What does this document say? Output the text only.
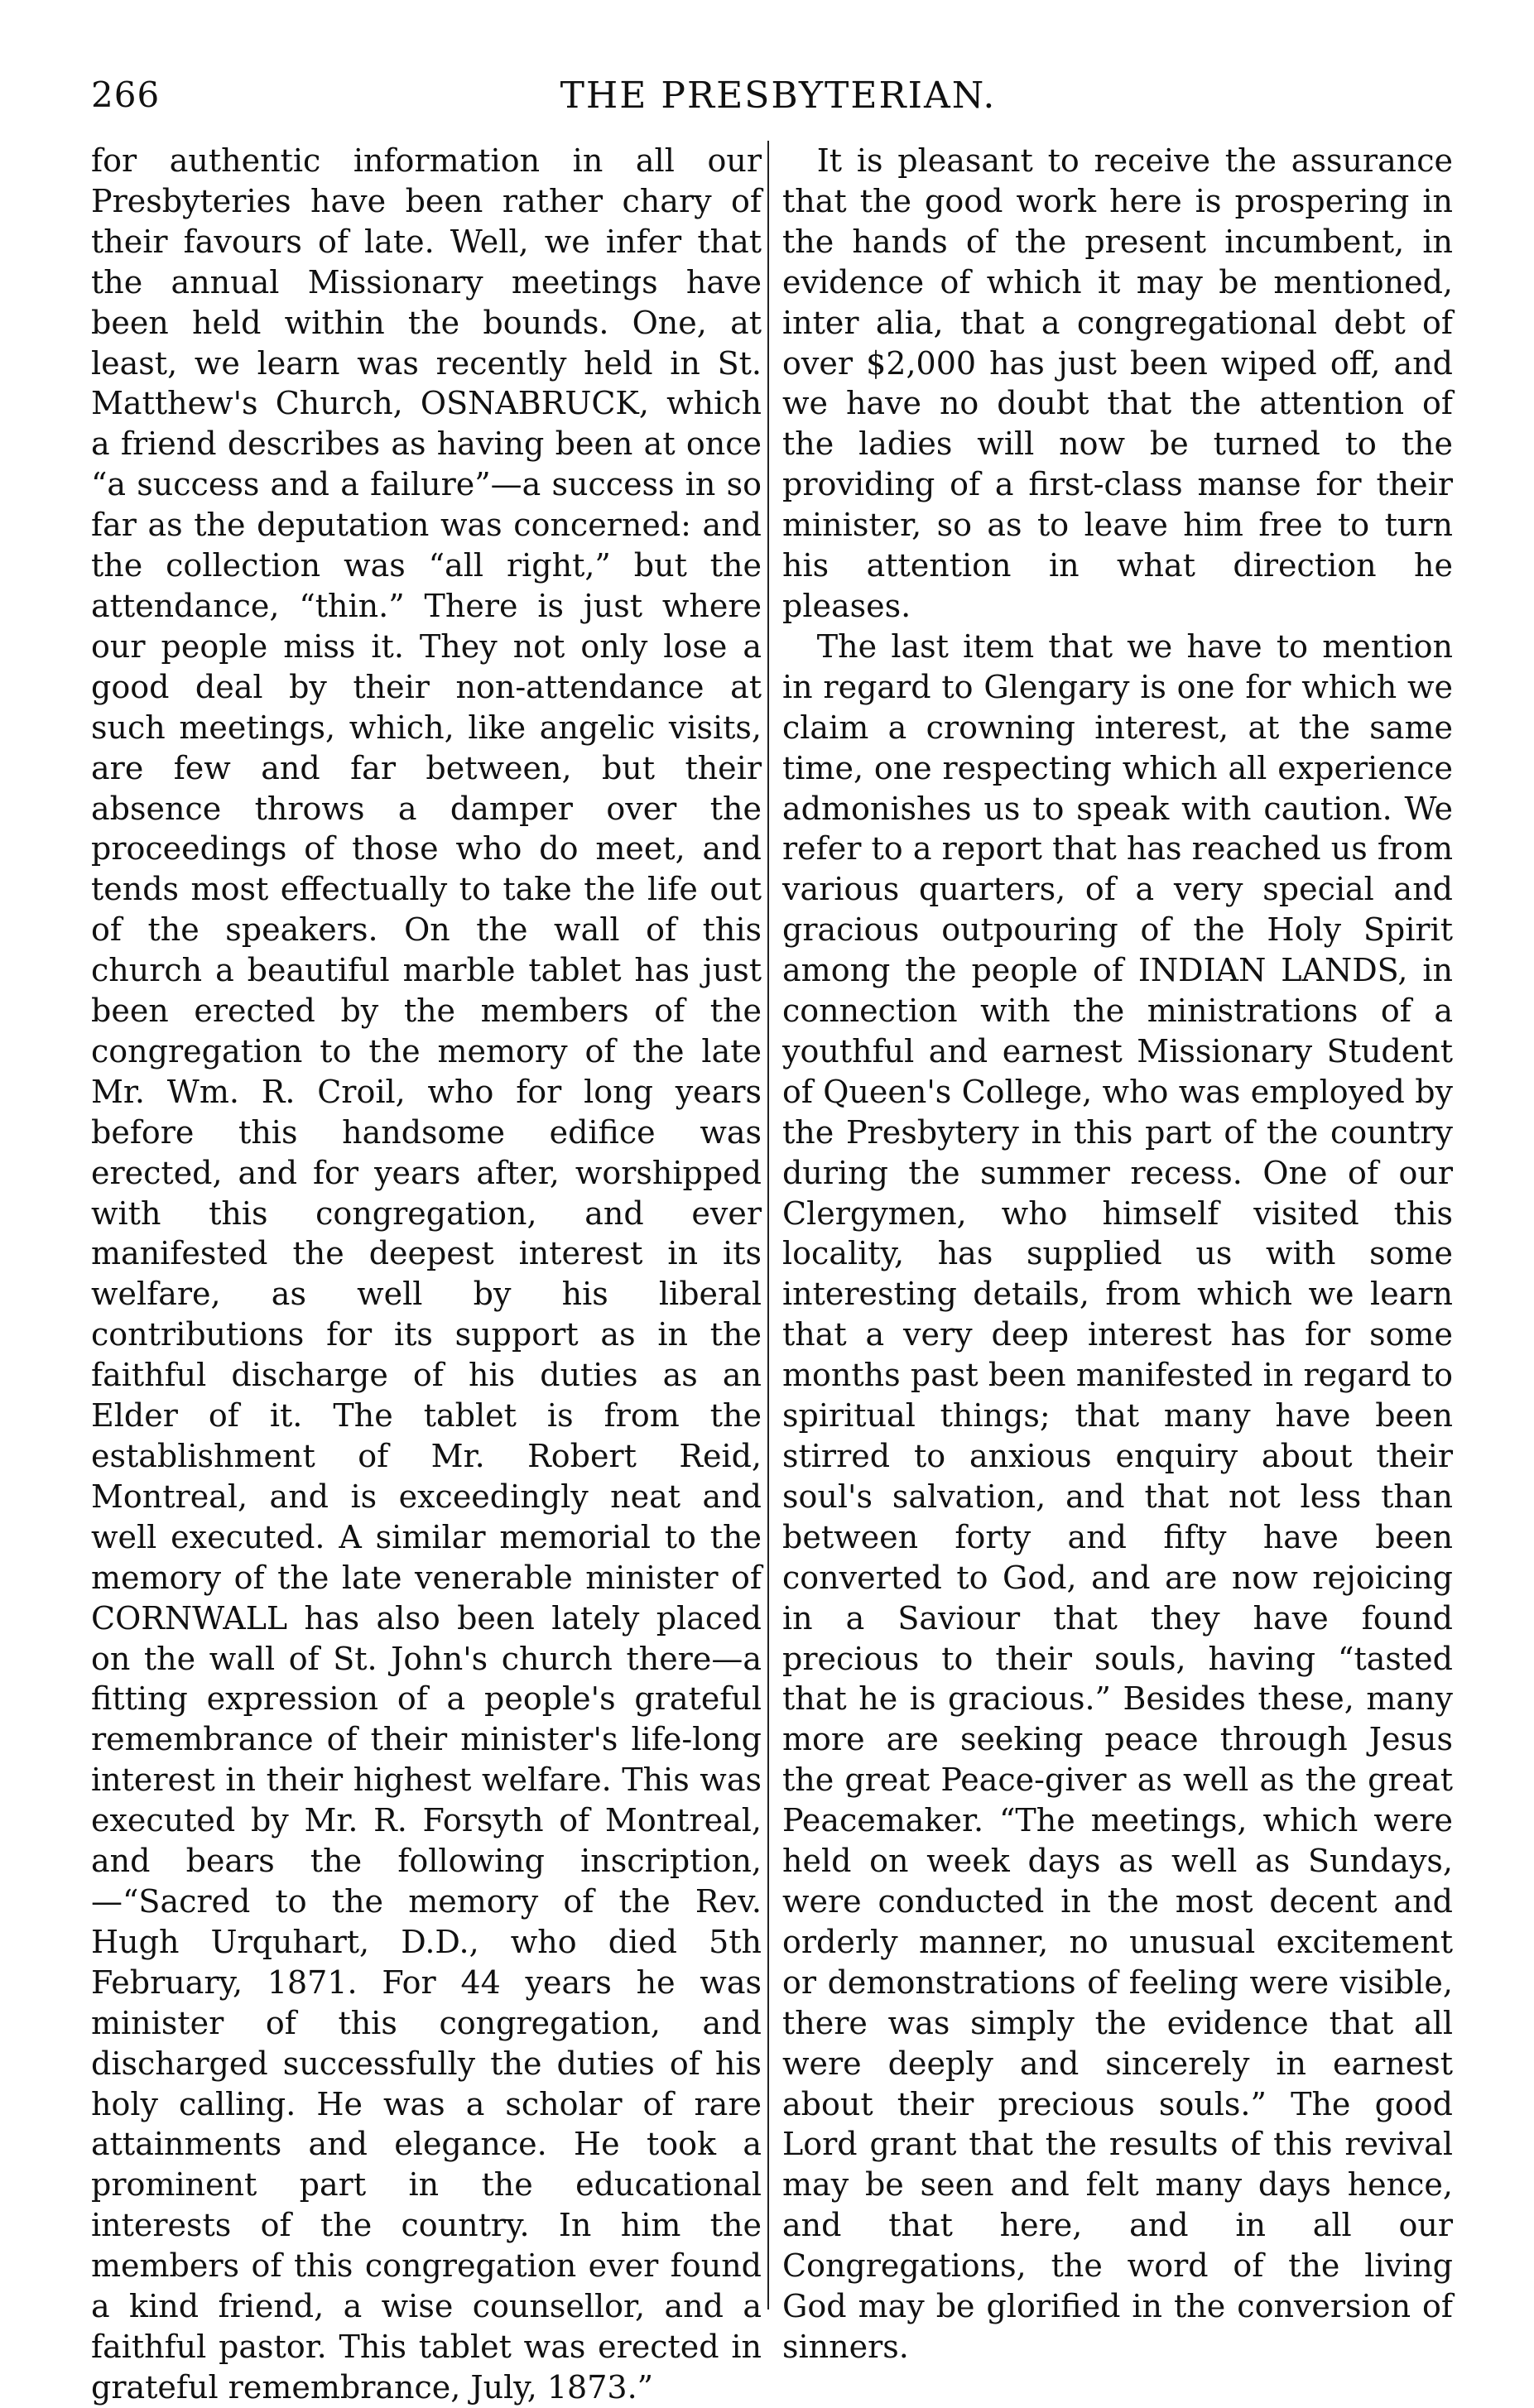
266	THE PRESBYTERIAN.

for authentic information in all our Presbyteries have been rather chary of their favours of late. Well, we infer that the annual Missionary meetings have been held within the bounds. One, at least, we learn was recently held in St. Matthew's Church, OSNABRUCK, which a friend describes as having been at once “a success and a failure”—a success in so far as the deputation was concerned: and the collection was “all right,” but the attendance, “thin.” There is just where our people miss it. They not only lose a good deal by their non-attendance at such meetings, which, like angelic visits, are few and far between, but their absence throws a damper over the proceedings of those who do meet, and tends most effectually to take the life out of the speakers. On the wall of this church a beautiful marble tablet has just been erected by the members of the congregation to the memory of the late Mr. Wm. R. Croil, who for long years before this handsome edifice was erected, and for years after, worshipped with this congregation, and ever manifested the deepest interest in its welfare, as well by his liberal contributions for its support as in the faithful discharge of his duties as an Elder of it. The tablet is from the establishment of Mr. Robert Reid, Montreal, and is exceedingly neat and well executed. A similar memorial to the memory of the late venerable minister of CORNWALL has also been lately placed on the wall of St. John's church there—a fitting expression of a people's grateful remembrance of their minister's life-long interest in their highest welfare. This was executed by Mr. R. Forsyth of Montreal, and bears the following inscription,—“Sacred to the memory of the Rev. Hugh Urquhart, D.D., who died 5th February, 1871. For 44 years he was minister of this congregation, and discharged successfully the duties of his holy calling. He was a scholar of rare attainments and elegance. He took a prominent part in the educational interests of the country. In him the members of this congregation ever found a kind friend, a wise counsellor, and a faithful pastor. This tablet was erected in grateful remembrance, July, 1873.”

It is pleasant to receive the assurance that the good work here is prospering in the hands of the present incumbent, in evidence of which it may be mentioned, inter alia, that a congregational debt of over $2,000 has just been wiped off, and we have no doubt that the attention of the ladies will now be turned to the providing of a first-class manse for their minister, so as to leave him free to turn his attention in what direction he pleases.

The last item that we have to mention in regard to Glengary is one for which we claim a crowning interest, at the same time, one respecting which all experience admonishes us to speak with caution. We refer to a report that has reached us from various quarters, of a very special and gracious outpouring of the Holy Spirit among the people of INDIAN LANDS, in connection with the ministrations of a youthful and earnest Missionary Student of Queen's College, who was employed by the Presbytery in this part of the country during the summer recess. One of our Clergymen, who himself visited this locality, has supplied us with some interesting details, from which we learn that a very deep interest has for some months past been manifested in regard to spiritual things; that many have been stirred to anxious enquiry about their soul's salvation, and that not less than between forty and fifty have been converted to God, and are now rejoicing in a Saviour that they have found precious to their souls, having “tasted that he is gracious.” Besides these, many more are seeking peace through Jesus the great Peace-giver as well as the great Peacemaker. “The meetings, which were held on week days as well as Sundays, were conducted in the most decent and orderly manner, no unusual excitement or demonstrations of feeling were visible, there was simply the evidence that all were deeply and sincerely in earnest about their precious souls.” The good Lord grant that the results of this revival may be seen and felt many days hence, and that here, and in all our Congregations, the word of the living God may be glorified in the conversion of sinners.
